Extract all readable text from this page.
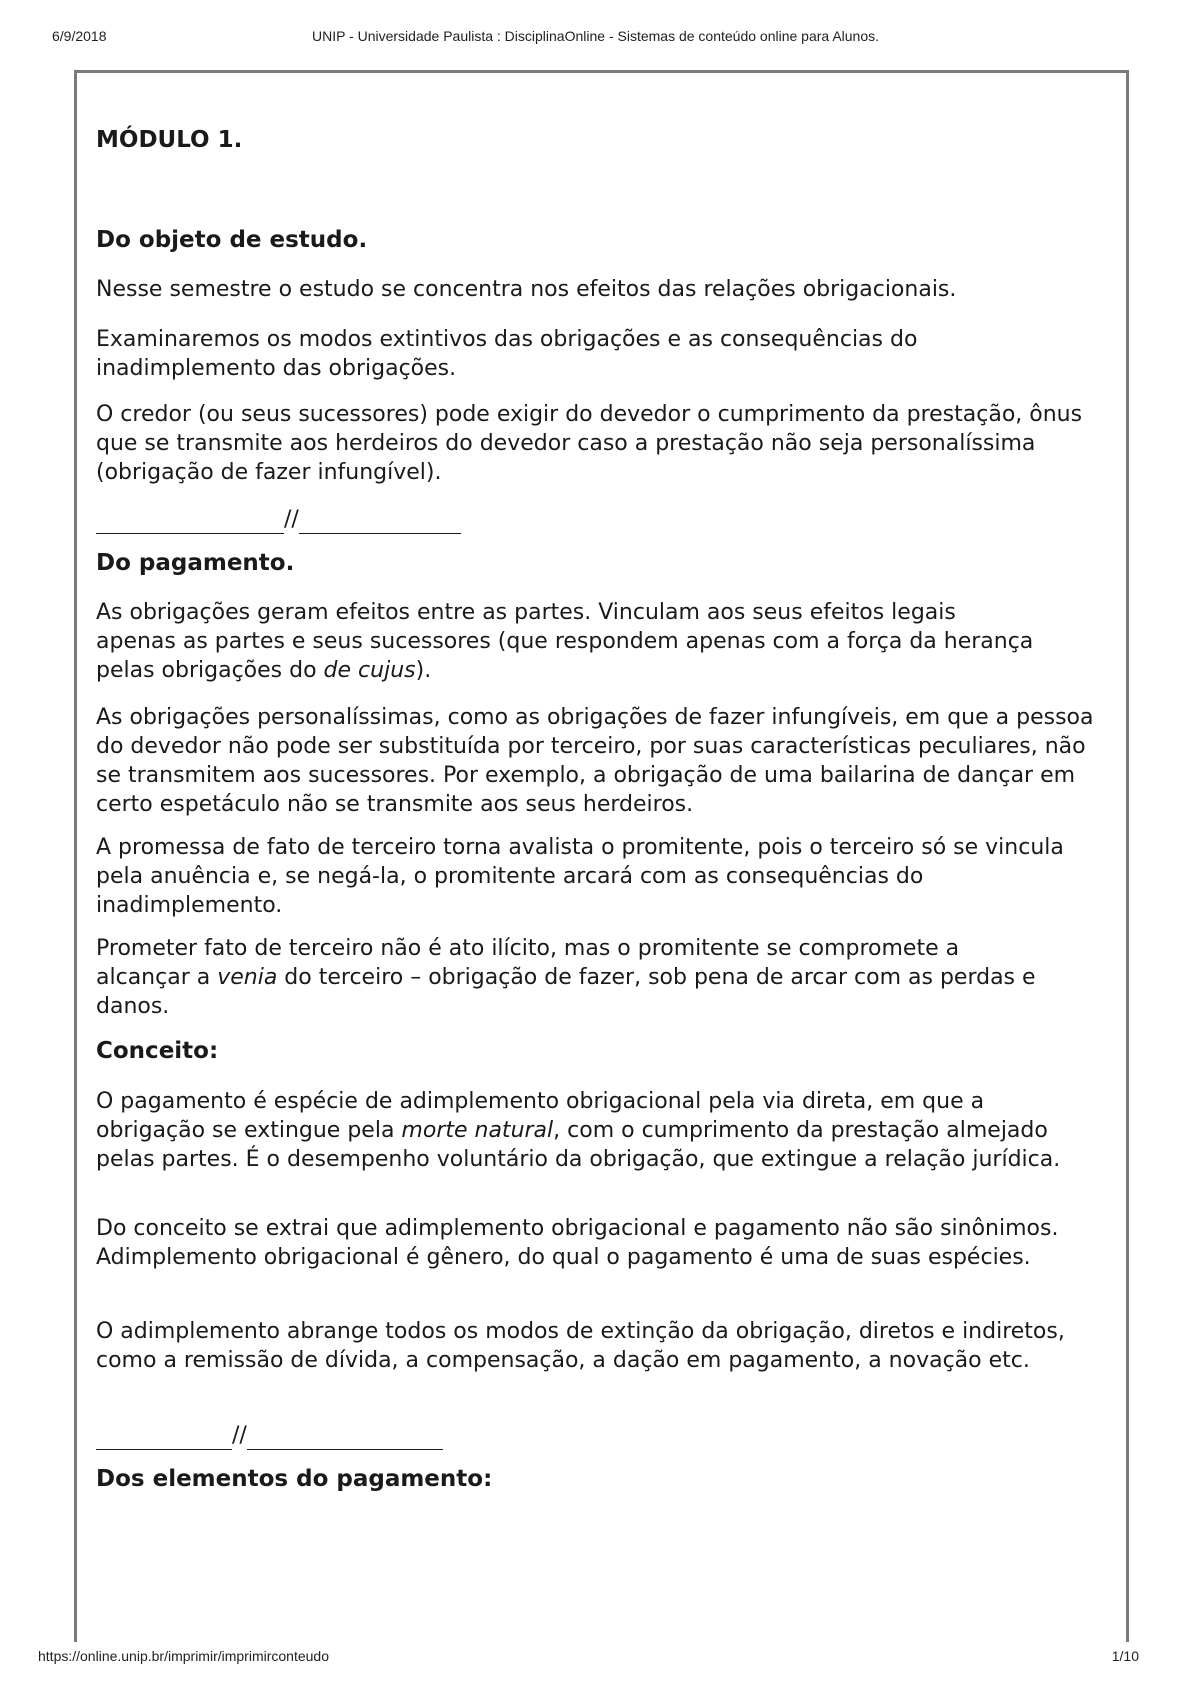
6/9/2018	UNIP - Universidade Paulista : DisciplinaOnline - Sistemas de conteúdo online para Alunos.
MÓDULO 1.
Do objeto de estudo.

Nesse semestre o estudo se concentra nos efeitos das relações obrigacionais.

Examinaremos os modos extintivos das obrigações e as consequências do inadimplemento das obrigações.

O credor (ou seus sucessores) pode exigir do devedor o cumprimento da prestação, ônus que se transmite aos herdeiros do devedor caso a prestação não seja personalíssima (obrigação de fazer infungível).

//
Do pagamento.

As obrigações geram efeitos entre as partes. Vinculam aos seus efeitos legais apenas as partes e seus sucessores (que respondem apenas com a força da herança pelas obrigações do de cujus).

As obrigações personalíssimas, como as obrigações de fazer infungíveis, em que a pessoa do devedor não pode ser substituída por terceiro, por suas características peculiares, não se transmitem aos sucessores. Por exemplo, a obrigação de uma bailarina de dançar em certo espetáculo não se transmite aos seus herdeiros.

A promessa de fato de terceiro torna avalista o promitente, pois o terceiro só se vincula pela anuência e, se negá-la, o promitente arcará com as consequências do inadimplemento.

Prometer fato de terceiro não é ato ilícito, mas o promitente se compromete a alcançar a venia do terceiro – obrigação de fazer, sob pena de arcar com as perdas e danos.

Conceito:

O pagamento é espécie de adimplemento obrigacional pela via direta, em que a obrigação se extingue pela morte natural, com o cumprimento da prestação almejado pelas partes. É o desempenho voluntário da obrigação, que extingue a relação jurídica.

Do conceito se extrai que adimplemento obrigacional e pagamento não são sinônimos. Adimplemento obrigacional é gênero, do qual o pagamento é uma de suas espécies.

O adimplemento abrange todos os modos de extinção da obrigação, diretos e indiretos, como a remissão de dívida, a compensação, a dação em pagamento, a novação etc.

//
Dos elementos do pagamento:
https://online.unip.br/imprimir/imprimirconteudo	1/10
